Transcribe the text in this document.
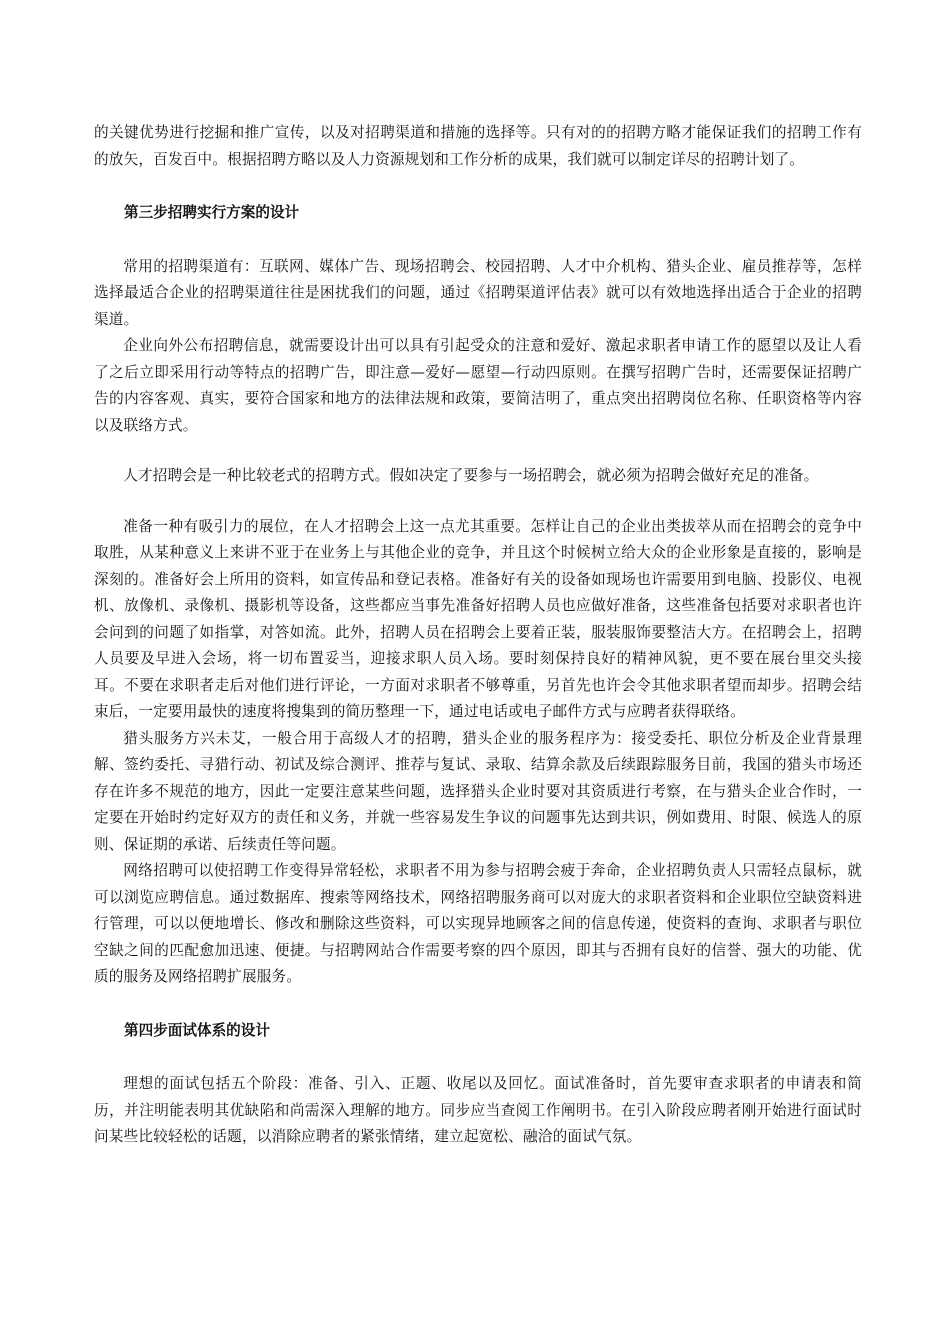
的关键优势进行挖掘和推广宣传，以及对招聘渠道和措施的选择等。只有对的的招聘方略才能保证我们的招聘工作有的放矢，百发百中。根据招聘方略以及人力资源规划和工作分析的成果，我们就可以制定详尽的招聘计划了。

第三步招聘实行方案的设计

常用的招聘渠道有：互联网、媒体广告、现场招聘会、校园招聘、人才中介机构、猎头企业、雇员推荐等，怎样选择最适合企业的招聘渠道往往是困扰我们的问题，通过《招聘渠道评估表》就可以有效地选择出适合于企业的招聘渠道。

企业向外公布招聘信息，就需要设计出可以具有引起受众的注意和爱好、激起求职者申请工作的愿望以及让人看了之后立即采用行动等特点的招聘广告，即注意—爱好—愿望—行动四原则。在撰写招聘广告时，还需要保证招聘广告的内容客观、真实，要符合国家和地方的法律法规和政策，要简洁明了，重点突出招聘岗位名称、任职资格等内容以及联络方式。

人才招聘会是一种比较老式的招聘方式。假如决定了要参与一场招聘会，就必须为招聘会做好充足的准备。

准备一种有吸引力的展位，在人才招聘会上这一点尤其重要。怎样让自己的企业出类拔萃从而在招聘会的竞争中取胜，从某种意义上来讲不亚于在业务上与其他企业的竞争，并且这个时候树立给大众的企业形象是直接的，影响是深刻的。准备好会上所用的资料，如宣传品和登记表格。准备好有关的设备如现场也许需要用到电脑、投影仪、电视机、放像机、录像机、摄影机等设备，这些都应当事先准备好招聘人员也应做好准备，这些准备包括要对求职者也许会问到的问题了如指掌，对答如流。此外，招聘人员在招聘会上要着正装，服装服饰要整洁大方。在招聘会上，招聘人员要及早进入会场，将一切布置妥当，迎接求职人员入场。要时刻保持良好的精神风貌，更不要在展台里交头接耳。不要在求职者走后对他们进行评论，一方面对求职者不够尊重，另首先也许会令其他求职者望而却步。招聘会结束后，一定要用最快的速度将搜集到的简历整理一下，通过电话或电子邮件方式与应聘者获得联络。

猎头服务方兴未艾，一般合用于高级人才的招聘，猎头企业的服务程序为：接受委托、职位分析及企业背景理解、签约委托、寻猎行动、初试及综合测评、推荐与复试、录取、结算余款及后续跟踪服务目前，我国的猎头市场还存在许多不规范的地方，因此一定要注意某些问题，选择猎头企业时要对其资质进行考察，在与猎头企业合作时，一定要在开始时约定好双方的责任和义务，并就一些容易发生争议的问题事先达到共识，例如费用、时限、候选人的原则、保证期的承诺、后续责任等问题。

网络招聘可以使招聘工作变得异常轻松，求职者不用为参与招聘会疲于奔命，企业招聘负责人只需轻点鼠标，就可以浏览应聘信息。通过数据库、搜索等网络技术，网络招聘服务商可以对庞大的求职者资料和企业职位空缺资料进行管理，可以以便地增长、修改和删除这些资料，可以实现异地顾客之间的信息传递，使资料的查询、求职者与职位空缺之间的匹配愈加迅速、便捷。与招聘网站合作需要考察的四个原因，即其与否拥有良好的信誉、强大的功能、优质的服务及网络招聘扩展服务。

第四步面试体系的设计

理想的面试包括五个阶段：准备、引入、正题、收尾以及回忆。面试准备时，首先要审查求职者的申请表和简历，并注明能表明其优缺陷和尚需深入理解的地方。同步应当查阅工作阐明书。在引入阶段应聘者刚开始进行面试时问某些比较轻松的话题，以消除应聘者的紧张情绪，建立起宽松、融洽的面试气氛。
